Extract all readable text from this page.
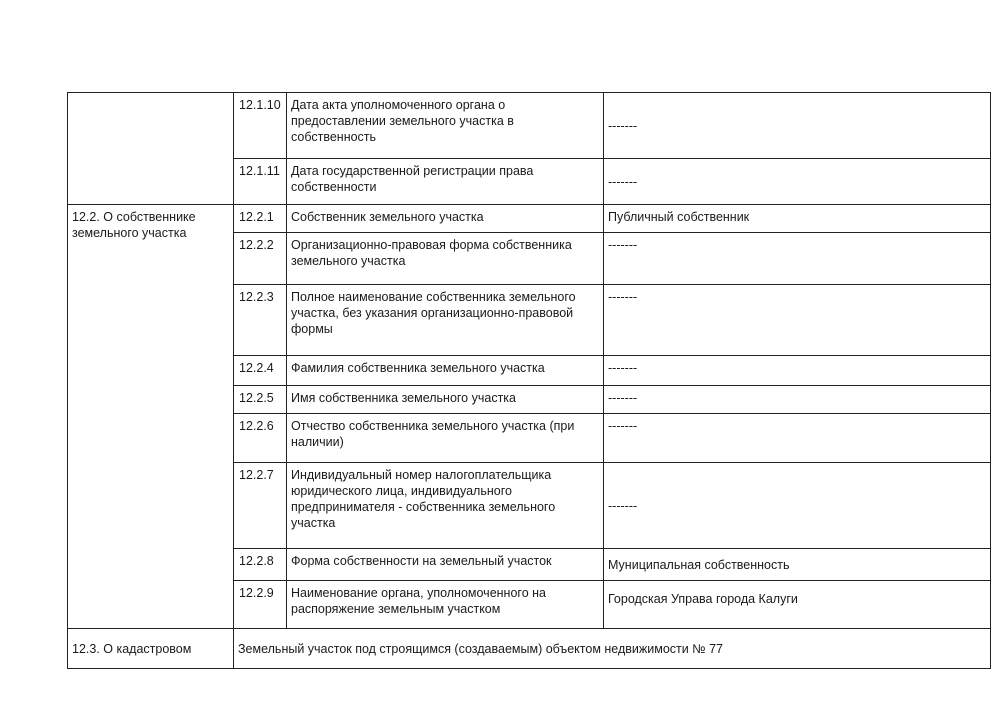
	12.1.10	Дата акта уполномоченного органа о предоставлении земельного участка в собственность	-------
	12.1.11	Дата государственной регистрации права собственности	-------
12.2. О собственнике земельного участка	12.2.1	Собственник земельного участка	Публичный собственник
	12.2.2	Организационно-правовая форма собственника земельного участка	-------
	12.2.3	Полное наименование собственника земельного участка, без указания организационно-правовой формы	-------
	12.2.4	Фамилия собственника земельного участка	-------
	12.2.5	Имя собственника земельного участка	-------
	12.2.6	Отчество собственника земельного участка (при наличии)	-------
	12.2.7	Индивидуальный номер налогоплательщика юридического лица, индивидуального предпринимателя - собственника земельного участка	-------
	12.2.8	Форма собственности на земельный участок	Муниципальная собственность
	12.2.9	Наименование органа, уполномоченного на распоряжение земельным участком	Городская Управа города Калуги
12.3. О кадастровом	Земельный участок под строящимся (создаваемым) объектом недвижимости № 77		
